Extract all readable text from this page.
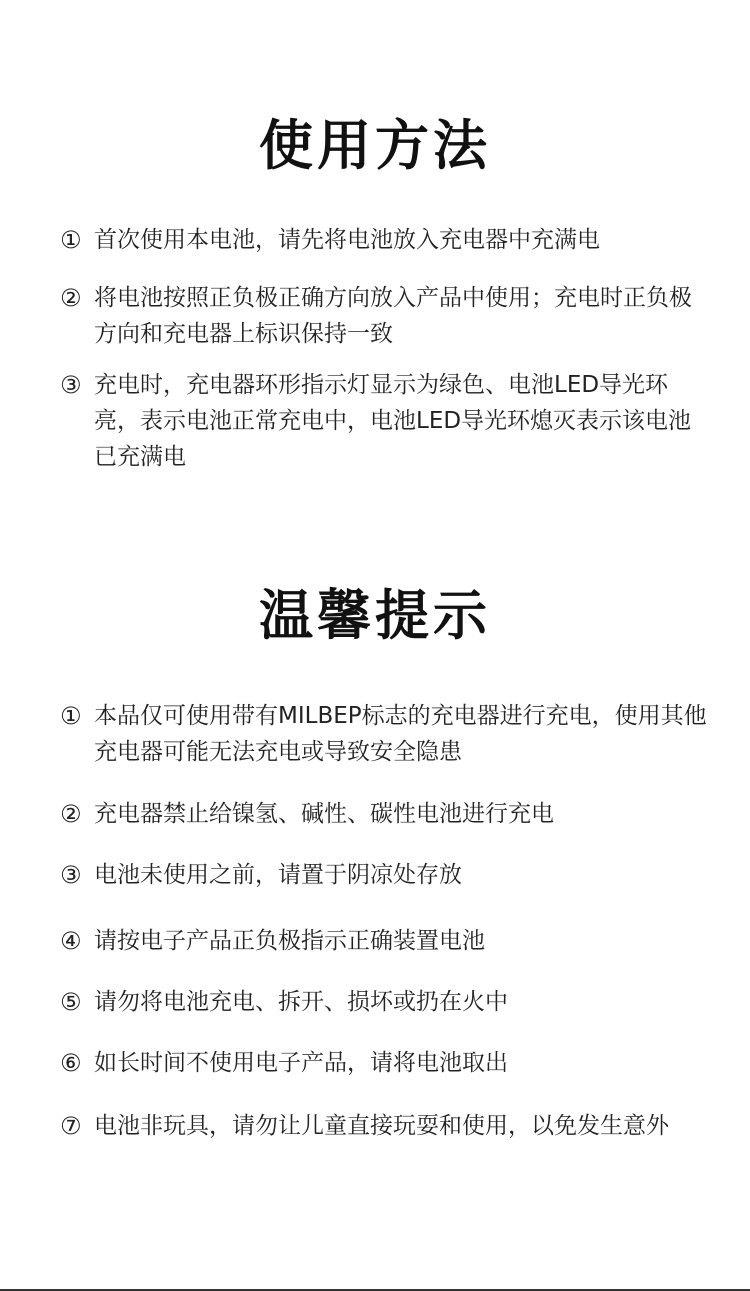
使用方法
① 首次使用本电池，请先将电池放入充电器中充满电
② 将电池按照正负极正确方向放入产品中使用；充电时正负极方向和充电器上标识保持一致
③ 充电时，充电器环形指示灯显示为绿色、电池LED导光环亮，表示电池正常充电中，电池LED导光环熄灭表示该电池已充满电
温馨提示
① 本品仅可使用带有MILBEP标志的充电器进行充电，使用其他充电器可能无法充电或导致安全隐患
② 充电器禁止给镍氢、碱性、碳性电池进行充电
③ 电池未使用之前，请置于阴凉处存放
④ 请按电子产品正负极指示正确装置电池
⑤ 请勿将电池充电、拆开、损坏或扔在火中
⑥ 如长时间不使用电子产品，请将电池取出
⑦ 电池非玩具，请勿让儿童直接玩耍和使用，以免发生意外
